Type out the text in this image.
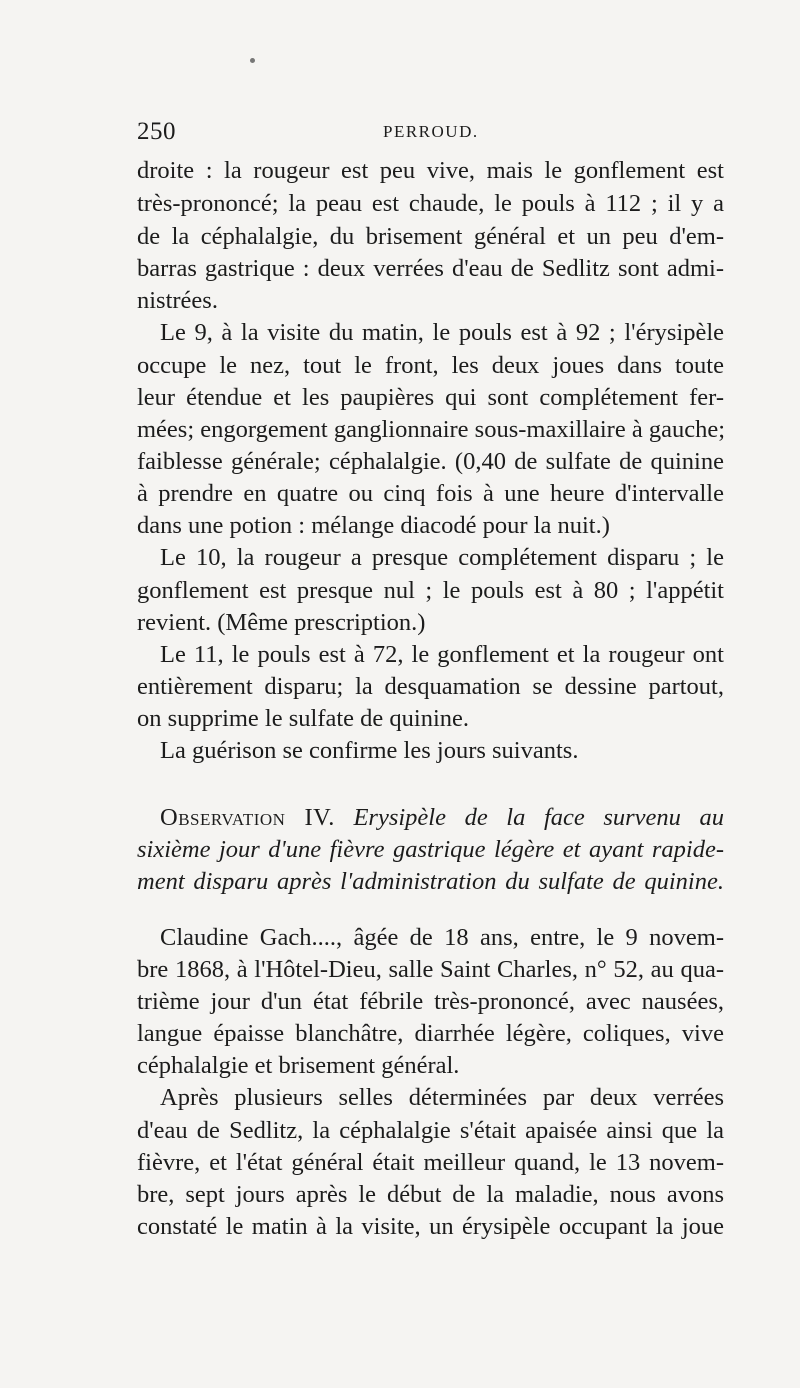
250	PERROUD.
droite : la rougeur est peu vive, mais le gonflement est
très-prononcé; la peau est chaude, le pouls à 112 ; il y a
de la céphalalgie, du brisement général et un peu d'em-
barras gastrique : deux verrées d'eau de Sedlitz sont admi-
nistrées.
Le 9, à la visite du matin, le pouls est à 92 ; l'érysipèle
occupe le nez, tout le front, les deux joues dans toute
leur étendue et les paupières qui sont complétement fer-
mées; engorgement ganglionnaire sous-maxillaire à gauche;
faiblesse générale; céphalalgie. (0,40 de sulfate de quinine
à prendre en quatre ou cinq fois à une heure d'intervalle
dans une potion : mélange diacodé pour la nuit.)
Le 10, la rougeur a presque complétement disparu ; le
gonflement est presque nul ; le pouls est à 80 ; l'appétit
revient. (Même prescription.)
Le 11, le pouls est à 72, le gonflement et la rougeur ont
entièrement disparu; la desquamation se dessine partout,
on supprime le sulfate de quinine.
La guérison se confirme les jours suivants.
Observation IV. Erysipèle de la face survenu au
sixième jour d'une fièvre gastrique légère et ayant rapide-
ment disparu après l'administration du sulfate de quinine.
Claudine Gach...., âgée de 18 ans, entre, le 9 novem-
bre 1868, à l'Hôtel-Dieu, salle Saint Charles, n° 52, au qua-
trième jour d'un état fébrile très-prononcé, avec nausées,
langue épaisse blanchâtre, diarrhée légère, coliques, vive
céphalalgie et brisement général.
Après plusieurs selles déterminées par deux verrées
d'eau de Sedlitz, la céphalalgie s'était apaisée ainsi que la
fièvre, et l'état général était meilleur quand, le 13 novem-
bre, sept jours après le début de la maladie, nous avons
constaté le matin à la visite, un érysipèle occupant la joue
